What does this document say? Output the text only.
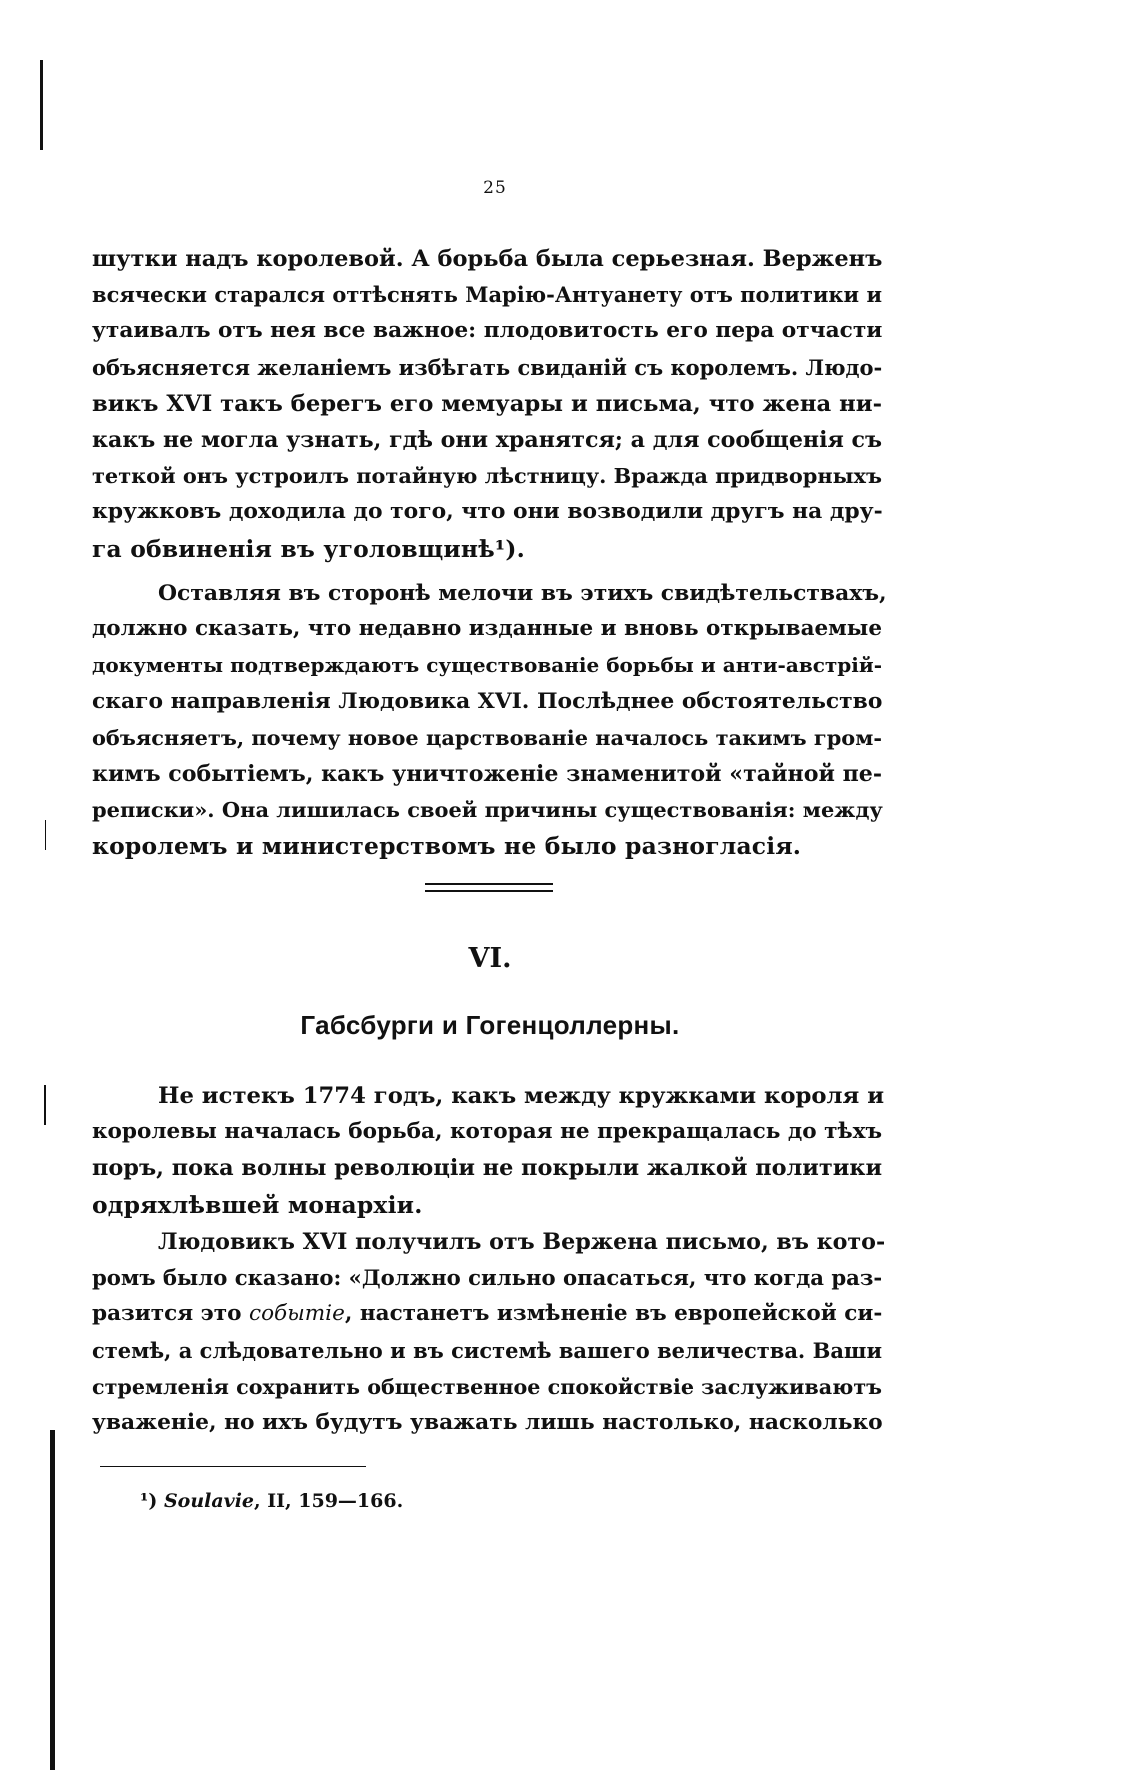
25
шутки надъ королевой. А борьба была серьезная. Верженъ
всячески старался оттѣснять Марію-Антуанету отъ политики и
утаивалъ отъ нея все важное: плодовитость его пера отчасти
объясняется желаніемъ избѣгать свиданій съ королемъ. Людо-
викъ XVI такъ берегъ его мемуары и письма, что жена ни-
какъ не могла узнать, гдѣ они хранятся; а для сообщенія съ
теткой онъ устроилъ потайную лѣстницу. Вражда придворныхъ
кружковъ доходила до того, что они возводили другъ на дру-
га обвиненія въ уголовщинѣ¹).
Оставляя въ сторонѣ мелочи въ этихъ свидѣтельствахъ,
должно сказать, что недавно изданные и вновь открываемые
документы подтверждаютъ существованіе борьбы и анти-австрій-
скаго направленія Людовика XVI. Послѣднее обстоятельство
объясняетъ, почему новое царствованіе началось такимъ гром-
кимъ событіемъ, какъ уничтоженіе знаменитой «тайной пе-
реписки». Она лишилась своей причины существованія: между
королемъ и министерствомъ не было разногласія.
VI.
Габсбурги и Гогенцоллерны.
Не истекъ 1774 годъ, какъ между кружками короля и
королевы началась борьба, которая не прекращалась до тѣхъ
поръ, пока волны революціи не покрыли жалкой политики
одряхлѣвшей монархіи.
Людовикъ XVI получилъ отъ Вержена письмо, въ кото-
ромъ было сказано: «Должно сильно опасаться, что когда раз-
разится это событіе, настанетъ измѣненіе въ европейской си-
стемѣ, а слѣдовательно и въ системѣ вашего величества. Ваши
стремленія сохранить общественное спокойствіе заслуживаютъ
уваженіе, но ихъ будутъ уважать лишь настолько, насколько
¹) Soulavie, II, 159—166.
